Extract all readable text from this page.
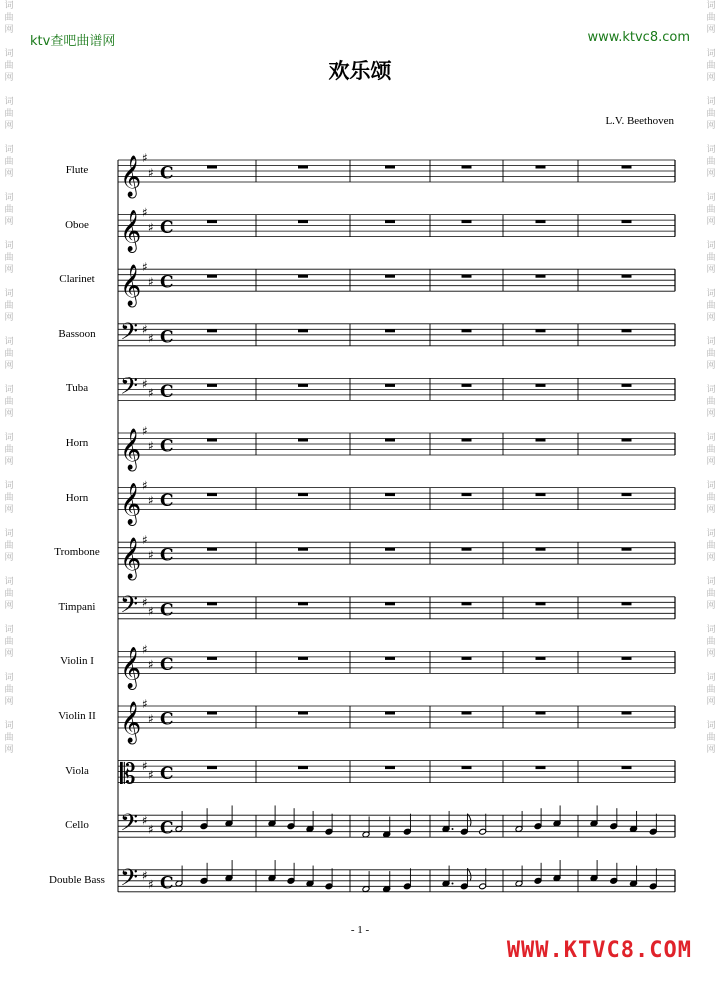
ktv查吧曲谱网	www.ktvc8.com
欢乐颂
L.V. Beethoven
Flute
Oboe
Clarinet
Bassoon
Tuba
Horn
Horn
Trombone
Timpani
Violin I
Violin II
Viola
Cello
Double Bass
𝄞 ♯
♯ C
𝄞 ♯
♯ C
𝄞 ♯
♯ C
𝄢 ♯
♯ C
𝄢 ♯
♯ C
𝄞 ♯
♯ C
𝄞 ♯
♯ C
𝄞 ♯
♯ C
𝄢 ♯
♯ C
𝄞 ♯
♯ C
𝄞 ♯
♯ C
𝄡 ♯
♯ C
𝄢 ♯
♯ C
𝄢 ♯
♯ C
- 1 -
WWW.KTVC8.COM
词
曲
网

词
曲
网

词
曲
网

词
曲
网

词
曲
网

词
曲
网

词
曲
网

词
曲
网

词
曲
网

词
曲
网

词
曲
网

词
曲
网

词
曲
网

词
曲
网

词
曲
网

词
曲
网

词
曲
网

词
曲
网

词
曲
网

词
曲
网

词
曲
网

词
曲
网

词
曲
网

词
曲
网

词
曲
网

词
曲
网

词
曲
网

词
曲
网

词
曲
网

词
曲
网

词
曲
网

词
曲
网
